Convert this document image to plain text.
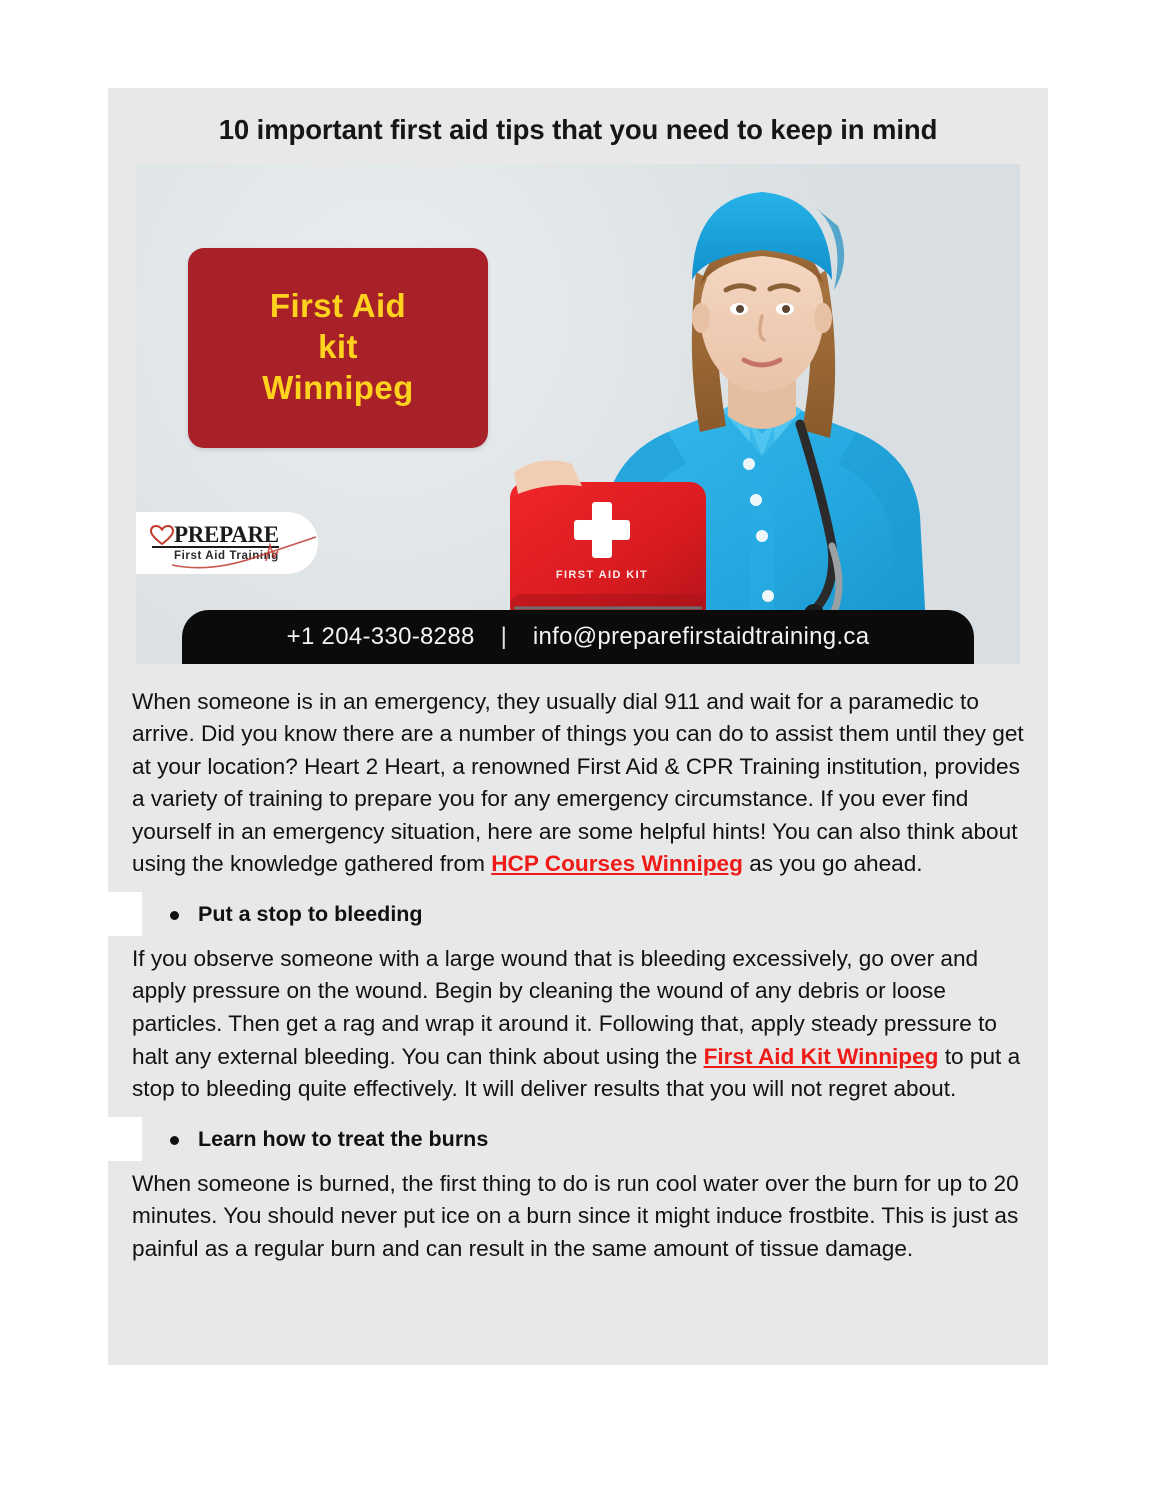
10 important first aid tips that you need to keep in mind
FIRST AID KIT
First Aid
kit
Winnipeg
PREPARE
First Aid Training
+1 204-330-8288 | info@preparefirstaidtraining.ca

When someone is in an emergency, they usually dial 911 and wait for a paramedic to arrive. Did you know there are a number of things you can do to assist them until they get at your location? Heart 2 Heart, a renowned First Aid & CPR Training institution, provides a variety of training to prepare you for any emergency circumstance. If you ever find yourself in an emergency situation, here are some helpful hints! You can also think about using the knowledge gathered from HCP Courses Winnipeg as you go ahead.

Put a stop to bleeding

If you observe someone with a large wound that is bleeding excessively, go over and apply pressure on the wound. Begin by cleaning the wound of any debris or loose particles. Then get a rag and wrap it around it. Following that, apply steady pressure to halt any external bleeding. You can think about using the First Aid Kit Winnipeg to put a stop to bleeding quite effectively. It will deliver results that you will not regret about.

Learn how to treat the burns

When someone is burned, the first thing to do is run cool water over the burn for up to 20 minutes. You should never put ice on a burn since it might induce frostbite. This is just as painful as a regular burn and can result in the same amount of tissue damage.
